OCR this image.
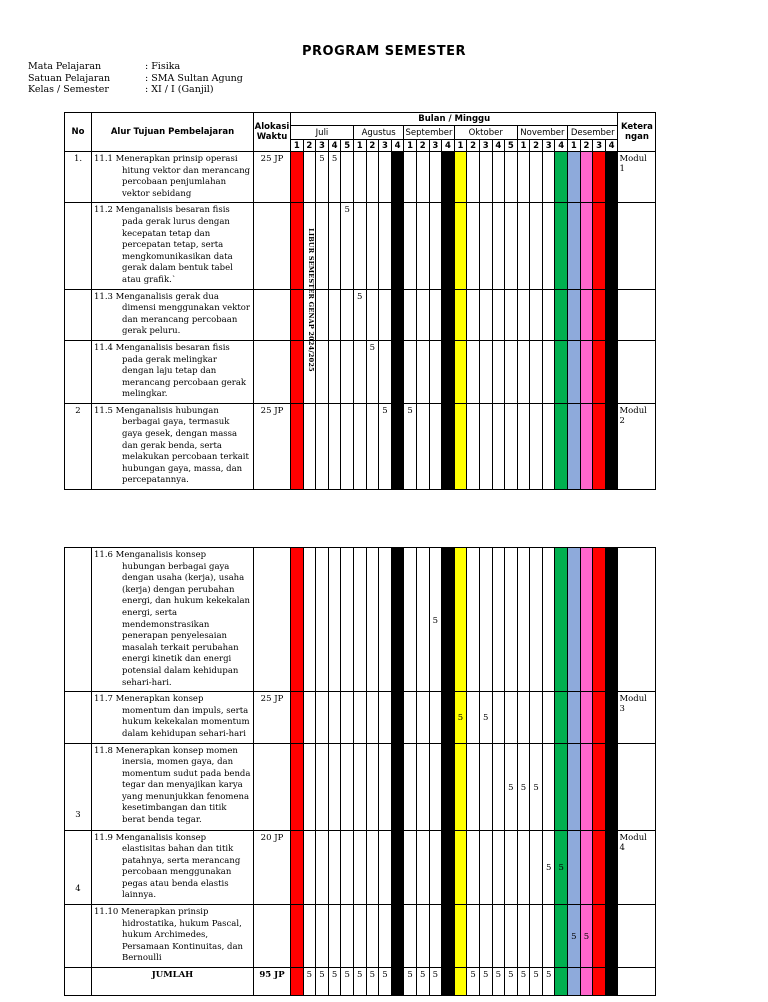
PROGRAM SEMESTER
Mata Pelajaran	: Fisika
Satuan Pelajaran	: SMA Sultan Agung
Kelas / Semester	: XI / I (Ganjil)
No	Alur Tujuan Pembelajaran	Alokasi Waktu	Bulan / Minggu																										Ketera ngan
			Juli					Agustus				September				Oktober					November				Desember				
			1	2	3	4	5	1	2	3	4	1	2	3	4	1	2	3	4	5	1	2	3	4	1	2	3	4	
1.	11.1 Menerapkan prinsip operasi hitung vektor dan merancang percobaan penjumlahan vektor sebidang	25 JP			5	5																							Modul 1
	11.2 Menganalisis besaran fisis pada gerak lurus dengan kecepatan tetap dan percepatan tetap, serta mengkomunikasikan data gerak dalam bentuk tabel atau grafik.`						5																						
	11.3 Menganalisis gerak dua dimensi menggunakan vektor dan merancang percobaan gerak peluru.							5																					
	11.4 Menganalisis besaran fisis pada gerak melingkar dengan laju tetap dan merancang percobaan gerak melingkar.								5																				
2	11.5 Menganalisis hubungan berbagai gaya, termasuk gaya gesek, dengan massa dan gerak benda, serta melakukan percobaan terkait hubungan gaya, massa, dan percepatannya.	25 JP								5	5	5																	Modul 2
LIBUR SEMESTER GENAP 2024/2025
	11.6 Menganalisis konsep hubungan berbagai gaya dengan usaha (kerja), usaha (kerja) dengan perubahan energi, dan hukum kekekalan energi, serta mendemonstrasikan penerapan penyelesaian masalah terkait perubahan energi kinetik dan energi potensial dalam kehidupan sehari-hari.													5	5														
	11.7 Menerapkan konsep momentum dan impuls, serta hukum kekekalan momentum dalam kehidupan sehari-hari	25 JP														5		5											Modul 3
3	11.8 Menerapkan konsep momen inersia, momen gaya, dan momentum sudut pada benda tegar dan menyajikan karya yang menunjukkan fenomena kesetimbangan dan titik berat benda tegar.																			5	5	5							
4	11.9 Menganalisis konsep elastisitas bahan dan titik patahnya, serta merancang percobaan menggunakan pegas atau benda elastis lainnya.	20 JP																					5	5					Modul 4
	11.10 Menerapkan prinsip hidrostatika, hukum Pascal, hukum Archimedes, Persamaan Kontinuitas, dan Bernoulli																								5	5			
	JUMLAH	95 JP		5	5	5	5	5	5	5		5	5	5			5	5	5	5	5	5	5						
